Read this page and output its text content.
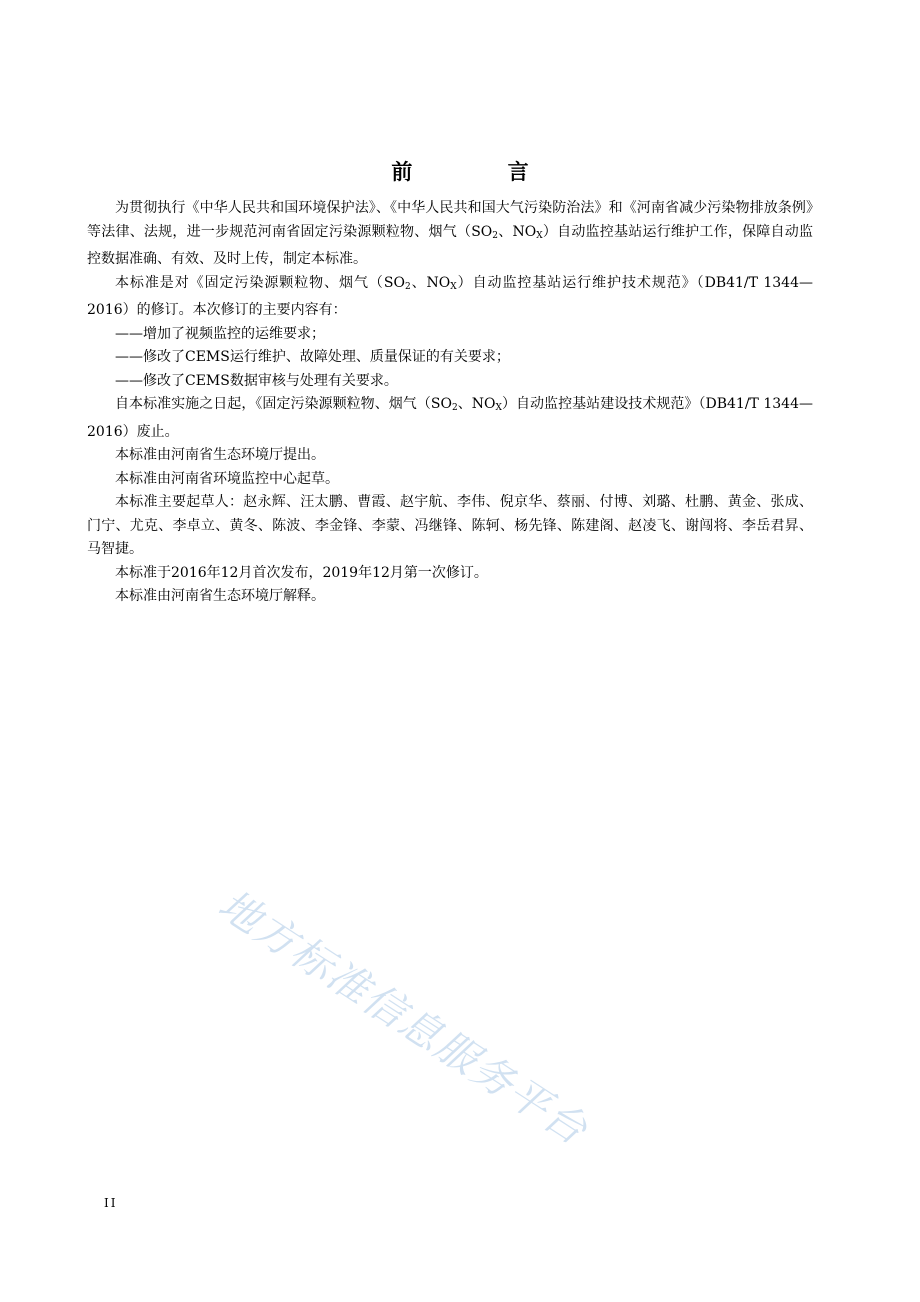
前 言

为贯彻执行《中华人民共和国环境保护法》、《中华人民共和国大气污染防治法》和《河南省减少污染物排放条例》等法律、法规，进一步规范河南省固定污染源颗粒物、烟气（$SO_2$、$NO_X$）自动监控基站运行维护工作，保障自动监控数据准确、有效、及时上传，制定本标准。

本标准是对《固定污染源颗粒物、烟气（$SO_2$、$NO_X$）自动监控基站运行维护技术规范》（DB41/T 1344—2016）的修订。本次修订的主要内容有：

——增加了视频监控的运维要求；

——修改了CEMS运行维护、故障处理、质量保证的有关要求；

——修改了CEMS数据审核与处理有关要求。

自本标准实施之日起，《固定污染源颗粒物、烟气（$SO_2$、$NO_X$）自动监控基站建设技术规范》（DB41/T 1344—2016）废止。

本标准由河南省生态环境厅提出。

本标准由河南省环境监控中心起草。

本标准主要起草人：赵永辉、汪太鹏、曹霞、赵宇航、李伟、倪京华、蔡丽、付博、刘璐、杜鹏、黄金、张成、门宁、尤克、李卓立、黄冬、陈波、李金锋、李蒙、冯继锋、陈轲、杨先锋、陈建阁、赵凌飞、谢闯将、李岳君昇、马智捷。

本标准于2016年12月首次发布，2019年12月第一次修订。

本标准由河南省生态环境厅解释。

地方标准信息服务平台
II
